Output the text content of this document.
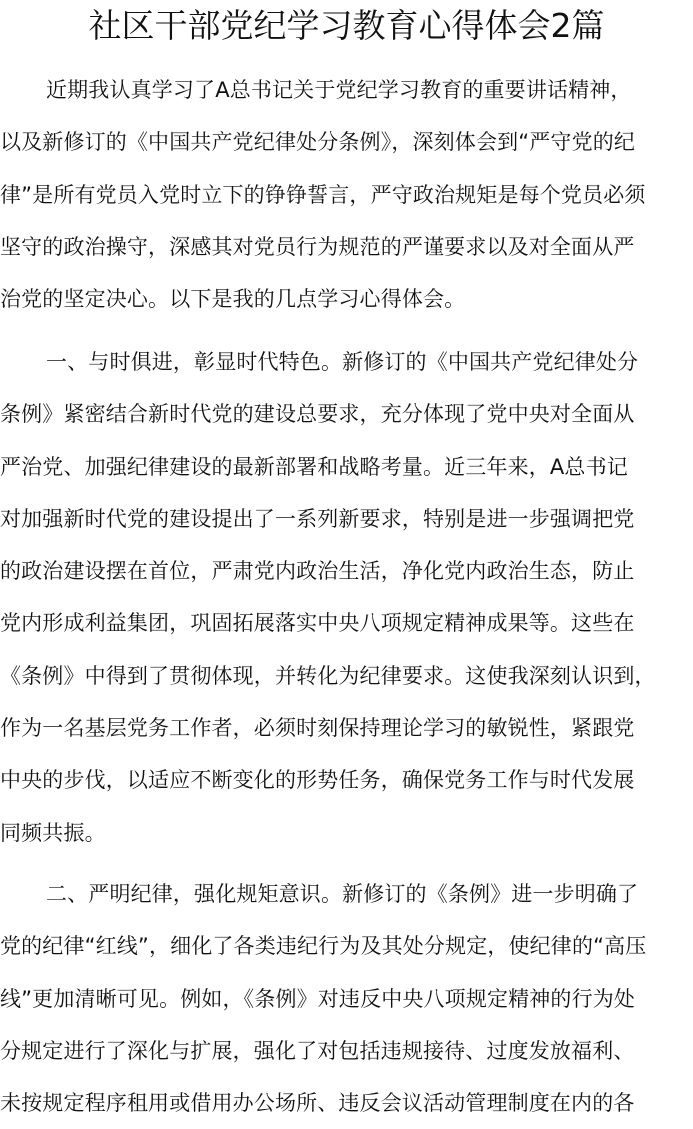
社区干部党纪学习教育心得体会2篇
近期我认真学习了A总书记关于党纪学习教育的重要讲话精神，
以及新修订的《中国共产党纪律处分条例》，深刻体会到“严守党的纪
律”是所有党员入党时立下的铮铮誓言，严守政治规矩是每个党员必须
坚守的政治操守，深感其对党员行为规范的严谨要求以及对全面从严
治党的坚定决心。以下是我的几点学习心得体会。
一、与时俱进，彰显时代特色。新修订的《中国共产党纪律处分
条例》紧密结合新时代党的建设总要求，充分体现了党中央对全面从
严治党、加强纪律建设的最新部署和战略考量。近三年来，A总书记
对加强新时代党的建设提出了一系列新要求，特别是进一步强调把党
的政治建设摆在首位，严肃党内政治生活，净化党内政治生态，防止
党内形成利益集团，巩固拓展落实中央八项规定精神成果等。这些在
《条例》中得到了贯彻体现，并转化为纪律要求。这使我深刻认识到，
作为一名基层党务工作者，必须时刻保持理论学习的敏锐性，紧跟党
中央的步伐，以适应不断变化的形势任务，确保党务工作与时代发展
同频共振。
二、严明纪律，强化规矩意识。新修订的《条例》进一步明确了
党的纪律“红线”，细化了各类违纪行为及其处分规定，使纪律的“高压
线”更加清晰可见。例如，《条例》对违反中央八项规定精神的行为处
分规定进行了深化与扩展，强化了对包括违规接待、过度发放福利、
未按规定程序租用或借用办公场所、违反会议活动管理制度在内的各
